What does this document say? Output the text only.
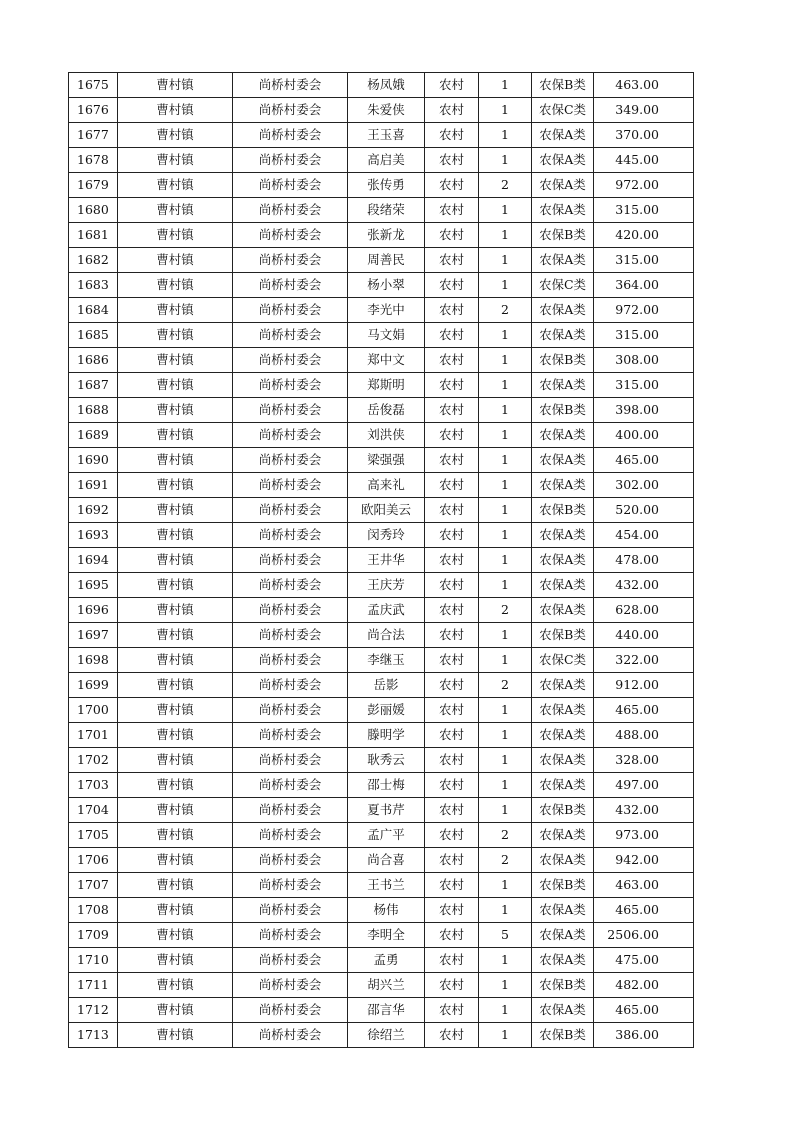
1675	曹村镇	尚桥村委会	杨凤娥	农村	1	农保B类	463.00
1676	曹村镇	尚桥村委会	朱爱侠	农村	1	农保C类	349.00
1677	曹村镇	尚桥村委会	王玉喜	农村	1	农保A类	370.00
1678	曹村镇	尚桥村委会	高启美	农村	1	农保A类	445.00
1679	曹村镇	尚桥村委会	张传勇	农村	2	农保A类	972.00
1680	曹村镇	尚桥村委会	段绪荣	农村	1	农保A类	315.00
1681	曹村镇	尚桥村委会	张新龙	农村	1	农保B类	420.00
1682	曹村镇	尚桥村委会	周善民	农村	1	农保A类	315.00
1683	曹村镇	尚桥村委会	杨小翠	农村	1	农保C类	364.00
1684	曹村镇	尚桥村委会	李光中	农村	2	农保A类	972.00
1685	曹村镇	尚桥村委会	马文娟	农村	1	农保A类	315.00
1686	曹村镇	尚桥村委会	郑中文	农村	1	农保B类	308.00
1687	曹村镇	尚桥村委会	郑斯明	农村	1	农保A类	315.00
1688	曹村镇	尚桥村委会	岳俊磊	农村	1	农保B类	398.00
1689	曹村镇	尚桥村委会	刘洪侠	农村	1	农保A类	400.00
1690	曹村镇	尚桥村委会	梁强强	农村	1	农保A类	465.00
1691	曹村镇	尚桥村委会	高来礼	农村	1	农保A类	302.00
1692	曹村镇	尚桥村委会	欧阳美云	农村	1	农保B类	520.00
1693	曹村镇	尚桥村委会	闵秀玲	农村	1	农保A类	454.00
1694	曹村镇	尚桥村委会	王井华	农村	1	农保A类	478.00
1695	曹村镇	尚桥村委会	王庆芳	农村	1	农保A类	432.00
1696	曹村镇	尚桥村委会	孟庆武	农村	2	农保A类	628.00
1697	曹村镇	尚桥村委会	尚合法	农村	1	农保B类	440.00
1698	曹村镇	尚桥村委会	李继玉	农村	1	农保C类	322.00
1699	曹村镇	尚桥村委会	岳影	农村	2	农保A类	912.00
1700	曹村镇	尚桥村委会	彭丽媛	农村	1	农保A类	465.00
1701	曹村镇	尚桥村委会	滕明学	农村	1	农保A类	488.00
1702	曹村镇	尚桥村委会	耿秀云	农村	1	农保A类	328.00
1703	曹村镇	尚桥村委会	邵士梅	农村	1	农保A类	497.00
1704	曹村镇	尚桥村委会	夏书芹	农村	1	农保B类	432.00
1705	曹村镇	尚桥村委会	孟广平	农村	2	农保A类	973.00
1706	曹村镇	尚桥村委会	尚合喜	农村	2	农保A类	942.00
1707	曹村镇	尚桥村委会	王书兰	农村	1	农保B类	463.00
1708	曹村镇	尚桥村委会	杨伟	农村	1	农保A类	465.00
1709	曹村镇	尚桥村委会	李明全	农村	5	农保A类	2506.00
1710	曹村镇	尚桥村委会	孟勇	农村	1	农保A类	475.00
1711	曹村镇	尚桥村委会	胡兴兰	农村	1	农保B类	482.00
1712	曹村镇	尚桥村委会	邵言华	农村	1	农保A类	465.00
1713	曹村镇	尚桥村委会	徐绍兰	农村	1	农保B类	386.00
